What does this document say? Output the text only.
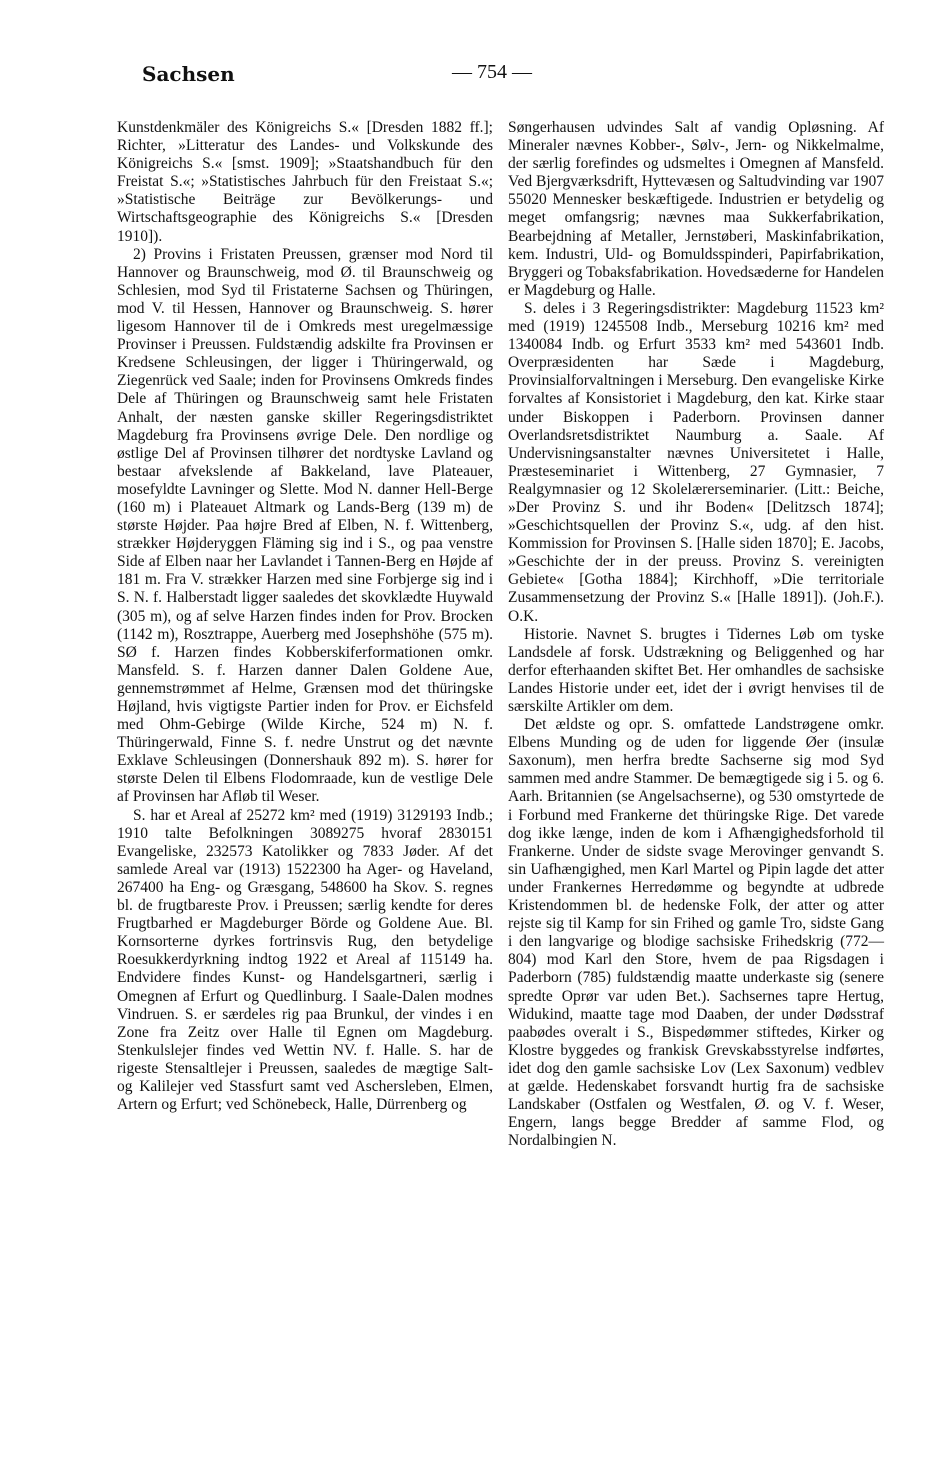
Sachsen	— 754 —

Kunstdenkmäler des Königreichs S.« [Dresden 1882 ff.]; Richter, »Litteratur des Landes- und Volkskunde des Königreichs S.« [smst. 1909]; »Staatshandbuch für den Freistat S.«; »Statistisches Jahrbuch für den Freistaat S.«; »Statistische Beiträge zur Bevölkerungs- und Wirtschaftsgeographie des Königreichs S.« [Dresden 1910]).

2) Provins i Fristaten Preussen, grænser mod Nord til Hannover og Braunschweig, mod Ø. til Braunschweig og Schlesien, mod Syd til Fristaterne Sachsen og Thüringen, mod V. til Hessen, Hannover og Braunschweig. S. hører ligesom Hannover til de i Omkreds mest uregelmæssige Provinser i Preussen. Fuldstændig adskilte fra Provinsen er Kredsene Schleusingen, der ligger i Thüringerwald, og Ziegenrück ved Saale; inden for Provinsens Omkreds findes Dele af Thüringen og Braunschweig samt hele Fristaten Anhalt, der næsten ganske skiller Regeringsdistriktet Magdeburg fra Provinsens øvrige Dele. Den nordlige og østlige Del af Provinsen tilhører det nordtyske Lavland og bestaar afvekslende af Bakkeland, lave Plateauer, mosefyldte Lavninger og Slette. Mod N. danner Hell-Berge (160 m) i Plateauet Altmark og Lands-Berg (139 m) de største Højder. Paa højre Bred af Elben, N. f. Wittenberg, strækker Højderyggen Fläming sig ind i S., og paa venstre Side af Elben naar her Lavlandet i Tannen-Berg en Højde af 181 m. Fra V. strækker Harzen med sine Forbjerge sig ind i S. N. f. Halberstadt ligger saaledes det skovklædte Huywald (305 m), og af selve Harzen findes inden for Prov. Brocken (1142 m), Rosztrappe, Auerberg med Josephshöhe (575 m). SØ f. Harzen findes Kobberskiferformationen omkr. Mansfeld. S. f. Harzen danner Dalen Goldene Aue, gennemstrømmet af Helme, Grænsen mod det thüringske Højland, hvis vigtigste Partier inden for Prov. er Eichsfeld med Ohm-Gebirge (Wilde Kirche, 524 m) N. f. Thüringerwald, Finne S. f. nedre Unstrut og det nævnte Exklave Schleusingen (Donnershauk 892 m). S. hører for største Delen til Elbens Flodomraade, kun de vestlige Dele af Provinsen har Afløb til Weser.

S. har et Areal af 25272 km² med (1919) 3129193 Indb.; 1910 talte Befolkningen 3089275 hvoraf 2830151 Evangeliske, 232573 Katolikker og 7833 Jøder. Af det samlede Areal var (1913) 1522300 ha Ager- og Haveland, 267400 ha Eng- og Græsgang, 548600 ha Skov. S. regnes bl. de frugtbareste Prov. i Preussen; særlig kendte for deres Frugtbarhed er Magdeburger Börde og Goldene Aue. Bl. Kornsorterne dyrkes fortrinsvis Rug, den betydelige Roesukkerdyrkning indtog 1922 et Areal af 115149 ha. Endvidere findes Kunst- og Handelsgartneri, særlig i Omegnen af Erfurt og Quedlinburg. I Saale-Dalen modnes Vindruen. S. er særdeles rig paa Brunkul, der vindes i en Zone fra Zeitz over Halle til Egnen om Magdeburg. Stenkulslejer findes ved Wettin NV. f. Halle. S. har de rigeste Stensaltlejer i Preussen, saaledes de mægtige Salt- og Kalilejer ved Stassfurt samt ved Aschersleben, Elmen, Artern og Erfurt; ved Schönebeck, Halle, Dürrenberg og

Søngerhausen udvindes Salt af vandig Opløsning. Af Mineraler nævnes Kobber-, Sølv-, Jern- og Nikkelmalme, der særlig forefindes og udsmeltes i Omegnen af Mansfeld. Ved Bjergværksdrift, Hyttevæsen og Saltudvinding var 1907 55020 Mennesker beskæftigede. Industrien er betydelig og meget omfangsrig; nævnes maa Sukkerfabrikation, Bearbejdning af Metaller, Jernstøberi, Maskinfabrikation, kem. Industri, Uld- og Bomuldsspinderi, Papirfabrikation, Bryggeri og Tobaksfabrikation. Hovedsæderne for Handelen er Magdeburg og Halle.

S. deles i 3 Regeringsdistrikter: Magdeburg 11523 km² med (1919) 1245508 Indb., Merseburg 10216 km² med 1340084 Indb. og Erfurt 3533 km² med 543601 Indb. Overpræsidenten har Sæde i Magdeburg, Provinsialforvaltningen i Merseburg. Den evangeliske Kirke forvaltes af Konsistoriet i Magdeburg, den kat. Kirke staar under Biskoppen i Paderborn. Provinsen danner Overlandsretsdistriktet Naumburg a. Saale. Af Undervisningsanstalter nævnes Universitetet i Halle, Præsteseminariet i Wittenberg, 27 Gymnasier, 7 Realgymnasier og 12 Skolelærerseminarier. (Litt.: Beiche, »Der Provinz S. und ihr Boden« [Delitzsch 1874]; »Geschichtsquellen der Provinz S.«, udg. af den hist. Kommission for Provinsen S. [Halle siden 1870]; E. Jacobs, »Geschichte der in der preuss. Provinz S. vereinigten Gebiete« [Gotha 1884]; Kirchhoff, »Die territoriale Zusammensetzung der Provinz S.« [Halle 1891]). (Joh.F.). O.K.

Historie. Navnet S. brugtes i Tidernes Løb om tyske Landsdele af forsk. Udstrækning og Beliggenhed og har derfor efterhaanden skiftet Bet. Her omhandles de sachsiske Landes Historie under eet, idet der i øvrigt henvises til de særskilte Artikler om dem.

Det ældste og opr. S. omfattede Landstrøgene omkr. Elbens Munding og de uden for liggende Øer (insulæ Saxonum), men herfra bredte Sachserne sig mod Syd sammen med andre Stammer. De bemægtigede sig i 5. og 6. Aarh. Britannien (se Angelsachserne), og 530 omstyrtede de i Forbund med Frankerne det thüringske Rige. Det varede dog ikke længe, inden de kom i Afhængighedsforhold til Frankerne. Under de sidste svage Merovinger genvandt S. sin Uafhængighed, men Karl Martel og Pipin lagde det atter under Frankernes Herredømme og begyndte at udbrede Kristendommen bl. de hedenske Folk, der atter og atter rejste sig til Kamp for sin Frihed og gamle Tro, sidste Gang i den langvarige og blodige sachsiske Frihedskrig (772—804) mod Karl den Store, hvem de paa Rigsdagen i Paderborn (785) fuldstændig maatte underkaste sig (senere spredte Oprør var uden Bet.). Sachsernes tapre Hertug, Widukind, maatte tage mod Daaben, der under Dødsstraf paabødes overalt i S., Bispedømmer stiftedes, Kirker og Klostre byggedes og frankisk Grevskabsstyrelse indførtes, idet dog den gamle sachsiske Lov (Lex Saxonum) vedblev at gælde. Hedenskabet forsvandt hurtig fra de sachsiske Landskaber (Ostfalen og Westfalen, Ø. og V. f. Weser, Engern, langs begge Bredder af samme Flod, og Nordalbingien N.
